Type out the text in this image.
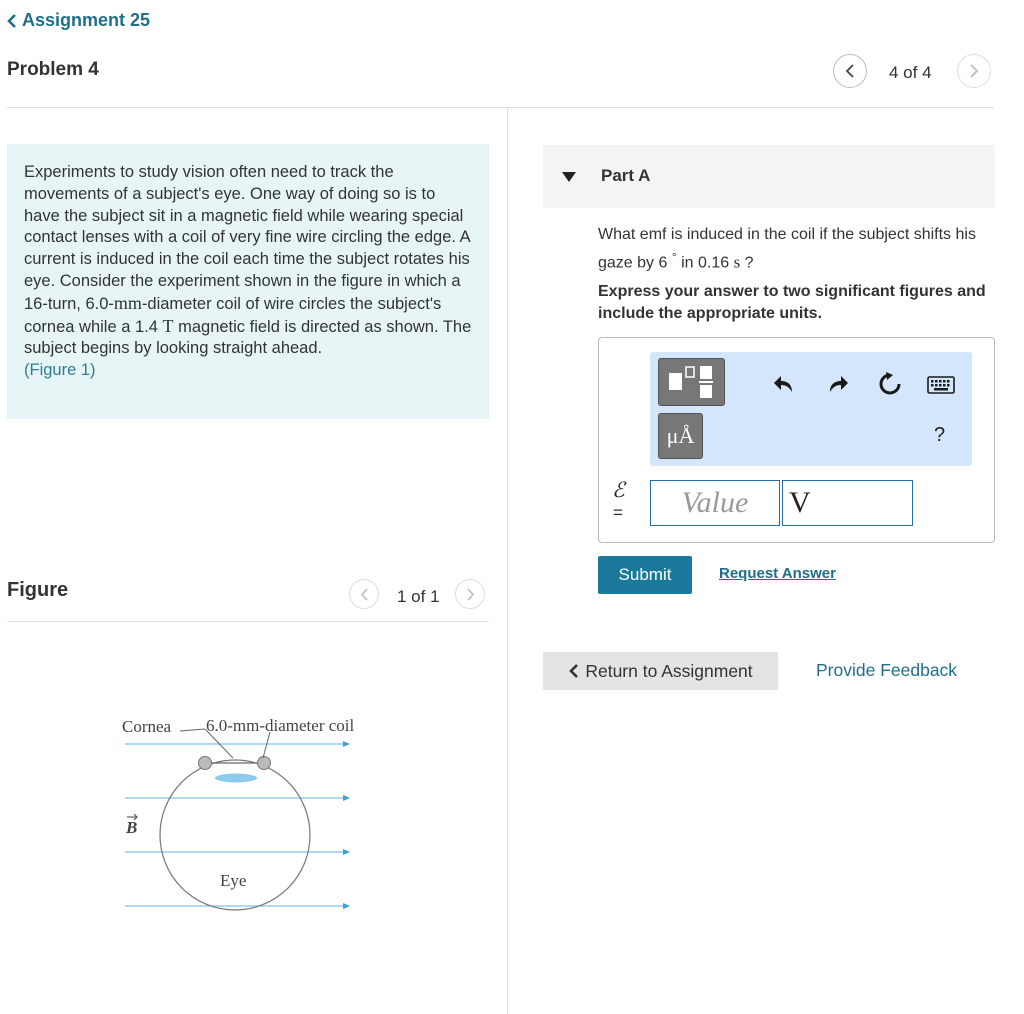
Assignment 25
Problem 4	4 of 4
Experiments to study vision often need to track the movements of a subject's eye. One way of doing so is to have the subject sit in a magnetic field while wearing special contact lenses with a coil of very fine wire circling the edge. A current is induced in the coil each time the subject rotates his eye. Consider the experiment shown in the figure in which a 16-turn, 6.0-mm-diameter coil of wire circles the subject's cornea while a 1.4 T magnetic field is directed as shown. The subject begins by looking straight ahead.
(Figure 1)
Figure	1 of 1
Cornea 6.0-mm-diameter coil
B
Eye
Part A
What emf is induced in the coil if the subject shifts his gaze by 6 ° in 0.16 s ?
Express your answer to two significant figures and include the appropriate units.
μÅ	?
ℰ
=	Value	V
Submit	Request Answer
Return to Assignment	Provide Feedback
